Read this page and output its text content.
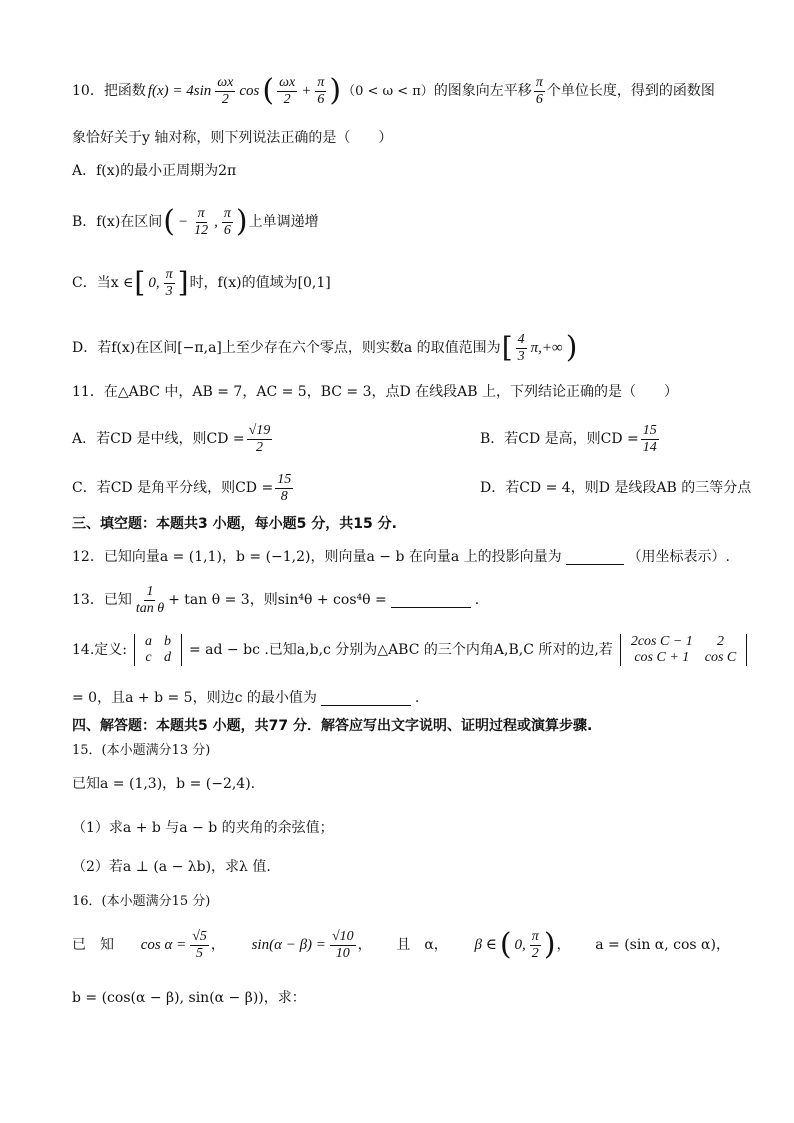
10．把函数 $f(x) = 4\sin \frac{\omega x}{2}$ cos ( $\frac{\omega x}{2} + \frac{\pi}{6}$ ) （0 < ω < π） 的图象向左平移 $\frac{\pi}{6}$ 个单位长度，得到的函数图
象恰好关于y 轴对称，则下列说法正确的是（　　）
A．f(x)的最小正周期为2π
B．f(x)在区间 ( − $\frac{\pi}{12}$ , $\frac{\pi}{6}$ ) 上单调递增
C．当x ∈ [ 0, $\frac{\pi}{3}$ ] 时，f(x)的值域为[0,1]
D．若f(x)在区间[−π,a]上至少存在六个零点，则实数a 的取值范围为 [ $\frac{4}{3} \pi,+\infty$ )
11．在△ABC 中，AB = 7，AC = 5，BC = 3，点D 在线段AB 上，下列结论正确的是（　　）
A．若CD 是中线，则CD = $\frac{√19}{2}$	B．若CD 是高，则CD = $\frac{15}{14}$
C．若CD 是角平分线，则CD = $\frac{15}{8}$	D．若CD = 4，则D 是线段AB 的三等分点
三、填空题：本题共3 小题，每小题5 分，共15 分.
12．已知向量a = (1,1)，b = (−1,2)，则向量a − b 在向量a 上的投影向量为	（用坐标表示）.
13．已知 $\frac{1}{\text{tan θ}} + \tan \theta = 3$，则sin⁴θ + cos⁴θ =	.
14.定义:
a	b
c	d = ad − bc .已知a,b,c 分别为△ABC 的三个内角A,B,C 所对的边,若
2cos C − 1	2
cos C + 1	cos C
= 0，且a + b = 5，则边c 的最小值为	.
四、解答题：本题共5 小题，共77 分．解答应写出文字说明、证明过程或演算步骤.
15．(本小题满分13 分)
已知a = (1,3)，b = (−2,4).
（1）求a + b 与a − b 的夹角的余弦值；
（2）若a ⊥ (a − λb)，求λ 值.
16．(本小题满分15 分)
已　知 $\cos \alpha = \frac{√5}{5}$ ， $\sin(\alpha - \beta) = \frac{√10}{10}$ ， 且　α， β ∈ ( 0, $\frac{\pi}{2}$ ) ， a = (sin α, cos α)，
b = (cos(α − β), sin(α − β))，求：
